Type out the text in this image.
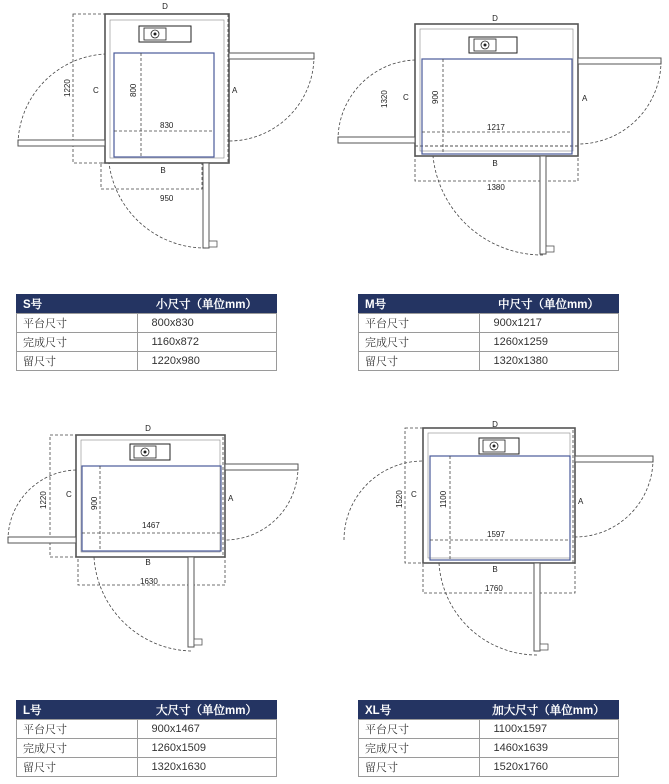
D
A
B
C
830
800
950
1220
D
A
B
C
1217
900
1380
1320
S号	小尺寸（单位mm）
平台尺寸	800x830
完成尺寸	1160x872
留尺寸	1220x980
M号	中尺寸（单位mm）
平台尺寸	900x1217
完成尺寸	1260x1259
留尺寸	1320x1380
D
A
B
C
1467
900
1630
1220
D
A
B
C
1597
1100
1760
1520
L号	大尺寸（单位mm）
平台尺寸	900x1467
完成尺寸	1260x1509
留尺寸	1320x1630
XL号	加大尺寸（单位mm）
平台尺寸	1100x1597
完成尺寸	1460x1639
留尺寸	1520x1760
